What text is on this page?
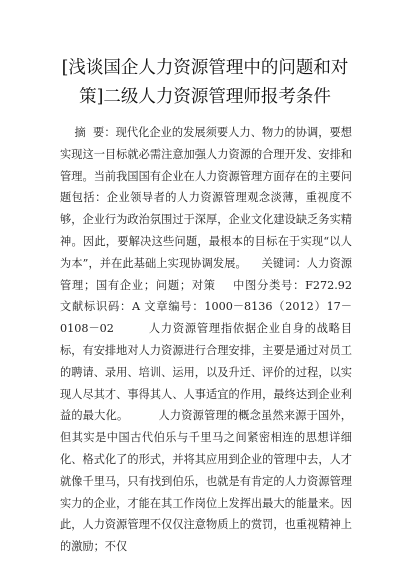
[浅谈国企人力资源管理中的问题和对策]二级人力资源管理师报考条件
摘  要：现代化企业的发展须要人力、物力的协调，要想实现这一目标就必需注意加强人力资源的合理开发、安排和管理。当前我国国有企业在人力资源管理方面存在的主要问题包括：企业领导者的人力资源管理观念淡薄，重视度不够，企业行为政治氛围过于深厚，企业文化建设缺乏务实精神。因此，要解决这些问题，最根本的目标在于实现“以人为本”，并在此基础上实现协调发展。    关键词：人力资源管理；国有企业；问题；对策    中图分类号：F272.92    文献标识码：A 文章编号：1000－8136（2012）17－0108－02        人力资源管理指依据企业自身的战略目标，有安排地对人力资源进行合理安排，主要是通过对员工的聘请、录用、培训、运用，以及升迁、评价的过程，以实现人尽其才、事得其人、人事适宜的作用，最终达到企业利益的最大化。        人力资源管理的概念虽然来源于国外，但其实是中国古代伯乐与千里马之间紧密相连的思想详细化、格式化了的形式，并将其应用到企业的管理中去，人才就像千里马，只有找到伯乐，也就是有肯定的人力资源管理实力的企业，才能在其工作岗位上发挥出最大的能量来。因此，人力资源管理不仅仅注意物质上的赏罚，也重视精神上的激励；不仅
